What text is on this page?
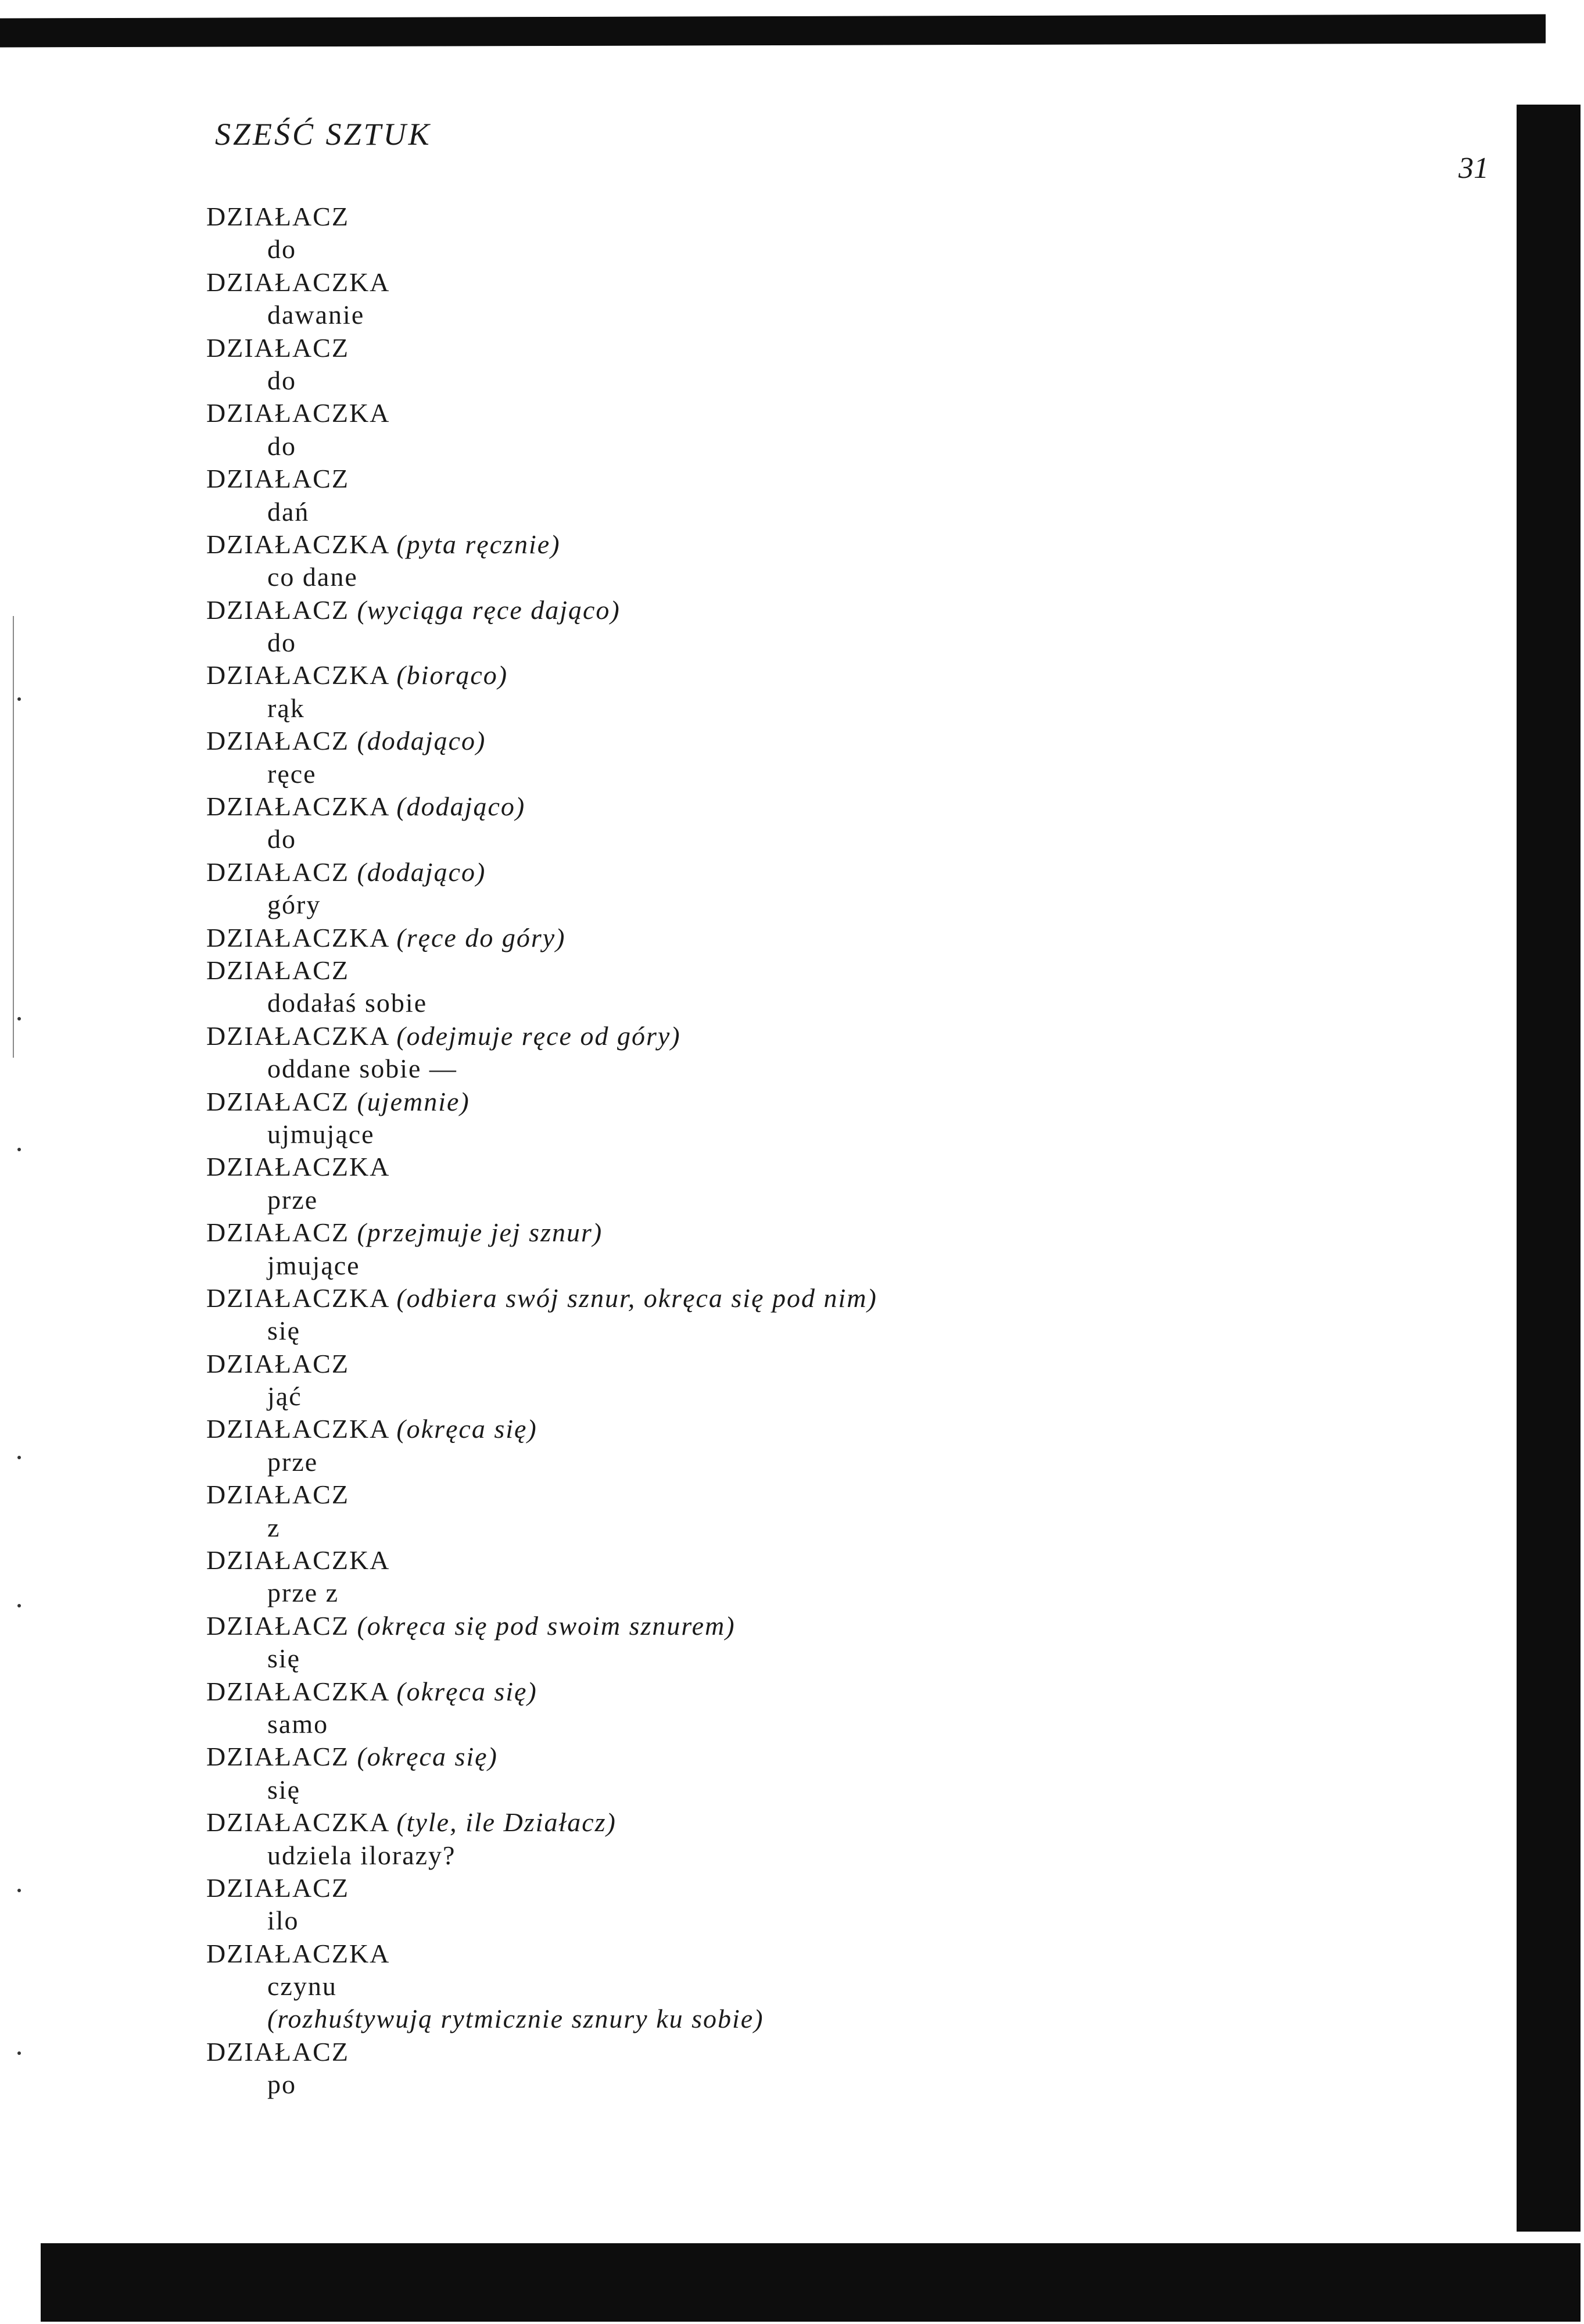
SZEŚĆ SZTUK
31
DZIAŁACZ
do
DZIAŁACZKA
dawanie
DZIAŁACZ
do
DZIAŁACZKA
do
DZIAŁACZ
dań
DZIAŁACZKA (pyta ręcznie)
co dane
DZIAŁACZ (wyciąga ręce dająco)
do
DZIAŁACZKA (biorąco)
rąk
DZIAŁACZ (dodająco)
ręce
DZIAŁACZKA (dodająco)
do
DZIAŁACZ (dodająco)
góry
DZIAŁACZKA (ręce do góry)
DZIAŁACZ
dodałaś sobie
DZIAŁACZKA (odejmuje ręce od góry)
oddane sobie —
DZIAŁACZ (ujemnie)
ujmujące
DZIAŁACZKA
prze
DZIAŁACZ (przejmuje jej sznur)
jmujące
DZIAŁACZKA (odbiera swój sznur, okręca się pod nim)
się
DZIAŁACZ
jąć
DZIAŁACZKA (okręca się)
prze
DZIAŁACZ
z
DZIAŁACZKA
prze z
DZIAŁACZ (okręca się pod swoim sznurem)
się
DZIAŁACZKA (okręca się)
samo
DZIAŁACZ (okręca się)
się
DZIAŁACZKA (tyle, ile Działacz)
udziela ilorazy?
DZIAŁACZ
ilo
DZIAŁACZKA
czynu
(rozhuśtywują rytmicznie sznury ku sobie)
DZIAŁACZ
po
